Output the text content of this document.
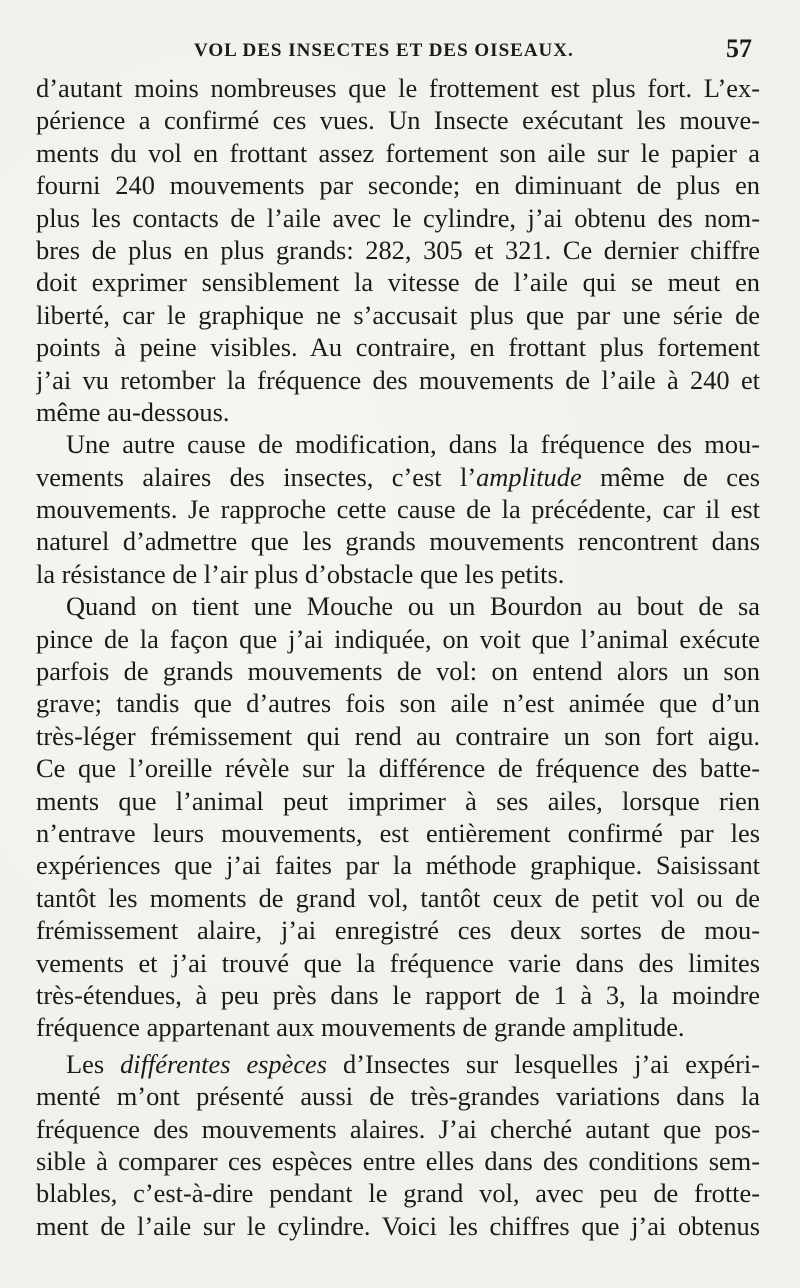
VOL DES INSECTES ET DES OISEAUX.	57
d’autant moins nombreuses que le frottement est plus fort. L’ex-
périence a confirmé ces vues. Un Insecte exécutant les mouve-
ments du vol en frottant assez fortement son aile sur le papier a
fourni 240 mouvements par seconde; en diminuant de plus en
plus les contacts de l’aile avec le cylindre, j’ai obtenu des nom-
bres de plus en plus grands: 282, 305 et 321. Ce dernier chiffre
doit exprimer sensiblement la vitesse de l’aile qui se meut en
liberté, car le graphique ne s’accusait plus que par une série de
points à peine visibles. Au contraire, en frottant plus fortement
j’ai vu retomber la fréquence des mouvements de l’aile à 240 et
même au-dessous.
Une autre cause de modification, dans la fréquence des mou-
vements alaires des insectes, c’est l’amplitude même de ces
mouvements. Je rapproche cette cause de la précédente, car il est
naturel d’admettre que les grands mouvements rencontrent dans
la résistance de l’air plus d’obstacle que les petits.
Quand on tient une Mouche ou un Bourdon au bout de sa
pince de la façon que j’ai indiquée, on voit que l’animal exécute
parfois de grands mouvements de vol: on entend alors un son
grave; tandis que d’autres fois son aile n’est animée que d’un
très-léger frémissement qui rend au contraire un son fort aigu.
Ce que l’oreille révèle sur la différence de fréquence des batte-
ments que l’animal peut imprimer à ses ailes, lorsque rien
n’entrave leurs mouvements, est entièrement confirmé par les
expériences que j’ai faites par la méthode graphique. Saisissant
tantôt les moments de grand vol, tantôt ceux de petit vol ou de
frémissement alaire, j’ai enregistré ces deux sortes de mou-
vements et j’ai trouvé que la fréquence varie dans des limites
très-étendues, à peu près dans le rapport de 1 à 3, la moindre
fréquence appartenant aux mouvements de grande amplitude.
Les différentes espèces d’Insectes sur lesquelles j’ai expéri-
menté m’ont présenté aussi de très-grandes variations dans la
fréquence des mouvements alaires. J’ai cherché autant que pos-
sible à comparer ces espèces entre elles dans des conditions sem-
blables, c’est-à-dire pendant le grand vol, avec peu de frotte-
ment de l’aile sur le cylindre. Voici les chiffres que j’ai obtenus
